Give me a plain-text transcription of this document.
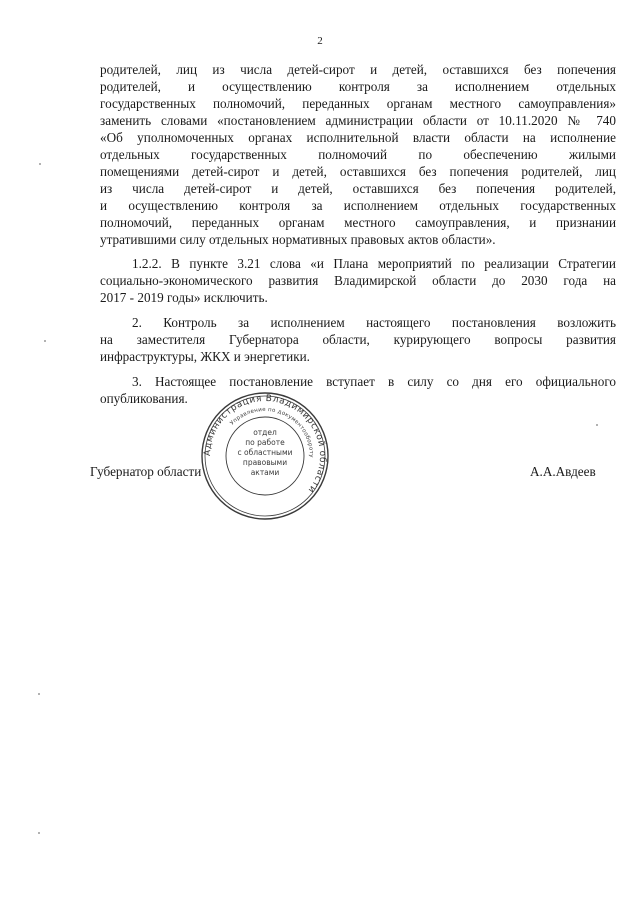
2
родителей, лиц из числа детей-сирот и детей, оставшихся без попечения
родителей, и осуществлению контроля за исполнением отдельных
государственных полномочий, переданных органам местного самоуправления»
заменить словами «постановлением администрации области от 10.11.2020 № 740
«Об уполномоченных органах исполнительной власти области на исполнение
отдельных государственных полномочий по обеспечению жилыми
помещениями детей-сирот и детей, оставшихся без попечения родителей, лиц
из числа детей-сирот и детей, оставшихся без попечения родителей,
и осуществлению контроля за исполнением отдельных государственных
полномочий, переданных органам местного самоуправления, и признании
утратившими силу отдельных нормативных правовых актов области».
1.2.2. В пункте 3.21 слова «и Плана мероприятий по реализации Стратегии
социально-экономического развития Владимирской области до 2030 года на
2017 - 2019 годы» исключить.
2. Контроль за исполнением настоящего постановления возложить
на заместителя Губернатора области, курирующего вопросы развития
инфраструктуры, ЖКХ и энергетики.
3. Настоящее постановление вступает в силу со дня его официального
опубликования.
Губернатор области	А.А.Авдеев
Администрация Владимирской области
Управление по документообороту
отдел
по работе
с областными
правовыми
актами
